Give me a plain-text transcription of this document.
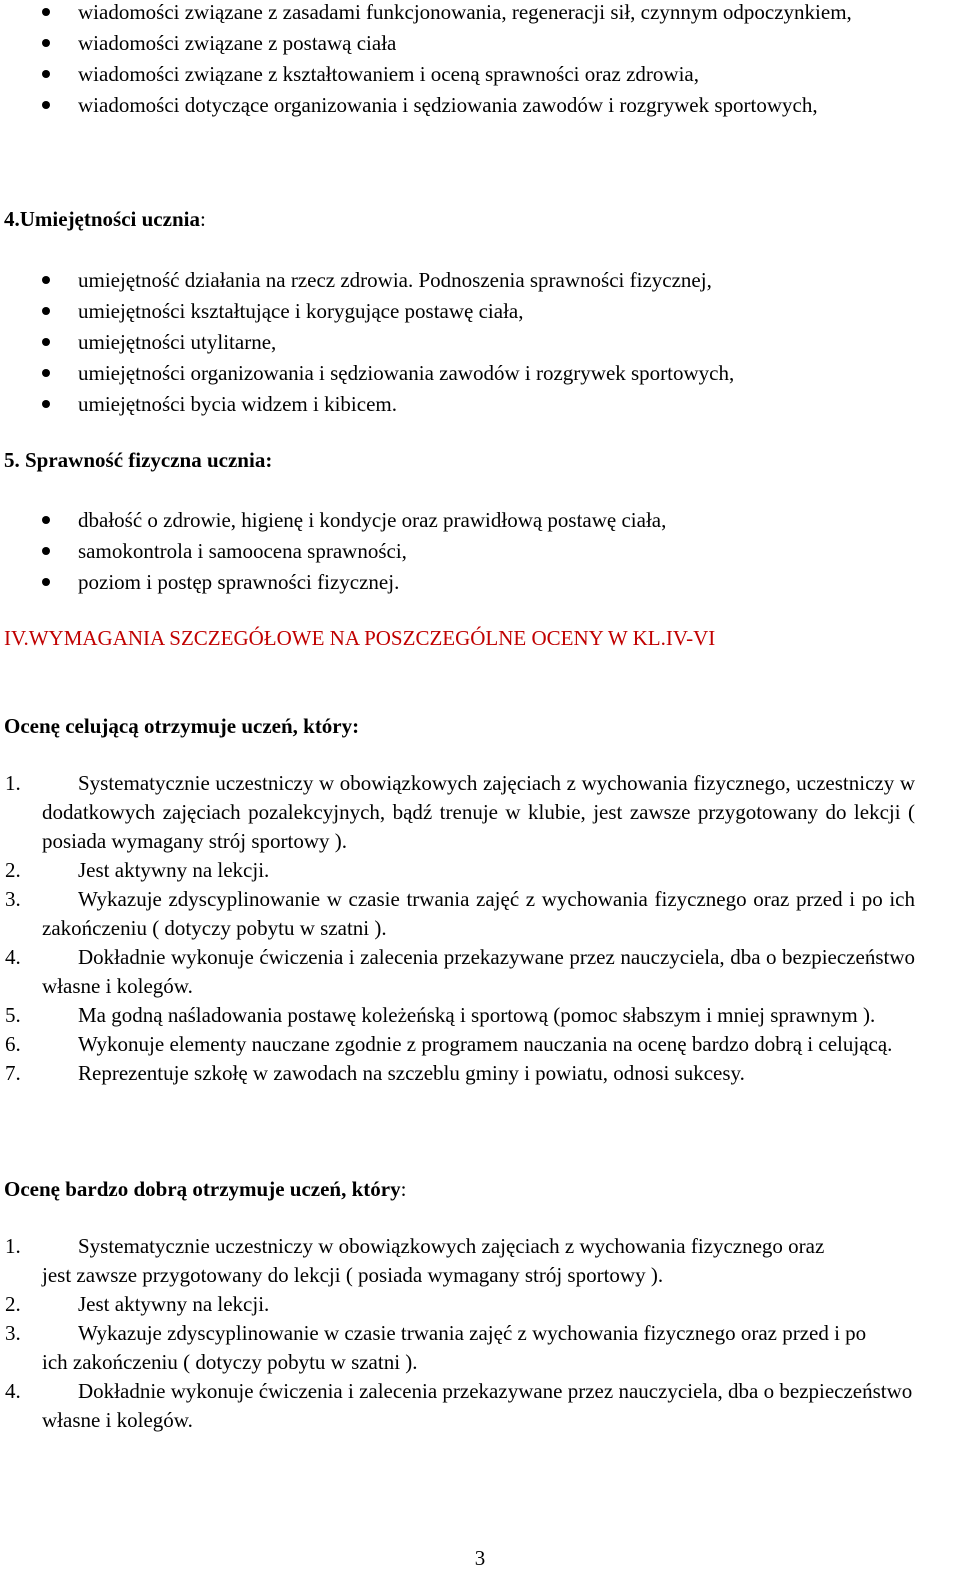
wiadomości związane z zasadami funkcjonowania, regeneracji sił, czynnym odpoczynkiem,
wiadomości związane z postawą ciała
wiadomości związane z kształtowaniem i oceną sprawności oraz zdrowia,
wiadomości dotyczące organizowania i sędziowania zawodów i rozgrywek sportowych,
4.Umiejętności ucznia:
umiejętność działania na rzecz zdrowia. Podnoszenia sprawności fizycznej,
umiejętności kształtujące i korygujące postawę ciała,
umiejętności utylitarne,
umiejętności organizowania i sędziowania zawodów i rozgrywek sportowych,
umiejętności bycia widzem i kibicem.
5. Sprawność fizyczna ucznia:
dbałość o zdrowie, higienę i kondycje oraz prawidłową postawę ciała,
samokontrola i samoocena sprawności,
poziom i postęp sprawności fizycznej.
IV.WYMAGANIA SZCZEGÓŁOWE NA POSZCZEGÓLNE OCENY W KL.IV-VI
Ocenę celującą otrzymuje uczeń, który:
1.	Systematycznie uczestniczy w obowiązkowych zajęciach z wychowania fizycznego, uczestniczy w dodatkowych zajęciach pozalekcyjnych, bądź trenuje w klubie, jest zawsze przygotowany do lekcji ( posiada wymagany strój sportowy ).
2.	Jest aktywny na lekcji.
3.	Wykazuje zdyscyplinowanie w czasie trwania zajęć z wychowania fizycznego oraz przed i po ich zakończeniu ( dotyczy pobytu w szatni ).
4.	Dokładnie wykonuje ćwiczenia i zalecenia przekazywane przez nauczyciela, dba o bezpieczeństwo własne i kolegów.
5.	Ma godną naśladowania postawę koleżeńską i sportową (pomoc słabszym i mniej sprawnym ).
6.	Wykonuje elementy nauczane zgodnie z programem nauczania na ocenę bardzo dobrą i celującą.
7.	Reprezentuje szkołę w zawodach na szczeblu gminy i powiatu, odnosi sukcesy.
Ocenę bardzo dobrą otrzymuje uczeń, który:
1.	Systematycznie uczestniczy w obowiązkowych zajęciach z wychowania fizycznego oraz jest zawsze przygotowany do lekcji ( posiada wymagany strój sportowy ).
2.	Jest aktywny na lekcji.
3.	Wykazuje zdyscyplinowanie w czasie trwania zajęć z wychowania fizycznego oraz przed i po ich zakończeniu ( dotyczy pobytu w szatni ).
4.	Dokładnie wykonuje ćwiczenia i zalecenia przekazywane przez nauczyciela, dba o bezpieczeństwo własne i kolegów.
3
